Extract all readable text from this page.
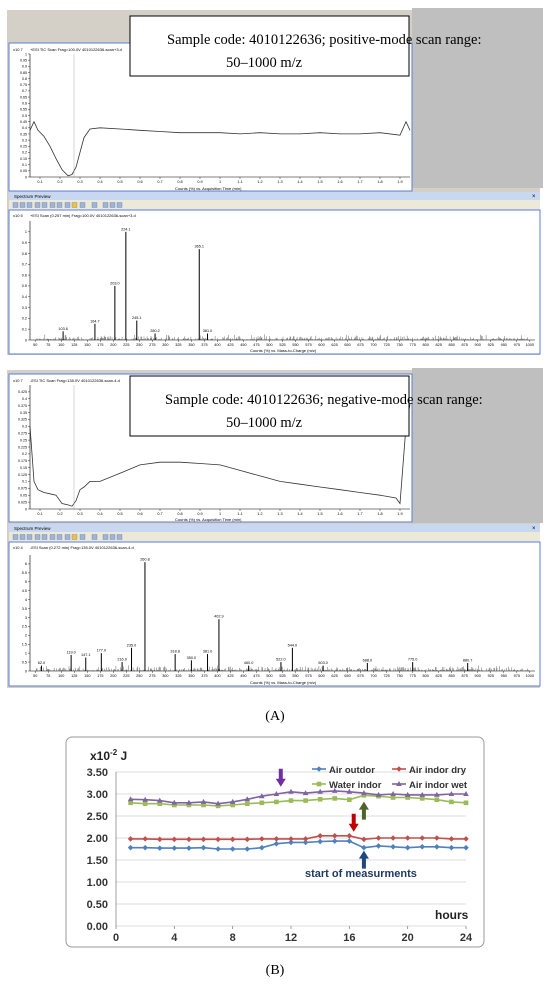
x10 7 +ESI TIC Scan Frag=100.0V 4010122636-scan+3.d
0
0.05
0.1
0.15
0.2
0.25
0.3
0.35
0.4
0.45
0.5
0.55
0.6
0.65
0.7
0.75
0.8
0.85
0.9
0.95
1
0.1	0.2	0.3	0.4	0.5	0.6	0.7	0.8	0.9	1	1.1	1.2	1.3	1.4	1.5	1.6	1.7	1.8	1.9
Counts (%) vs. Acquisition Time (min)
Spectrum Preview	×
x10 5 +ESI Scan (0.257 min) Frag=100.0V 4010122636-scan+3.d
0
0.1
0.2
0.3
0.4
0.5
0.6
0.7
0.8
0.9
1
50 75 100 125 150 175 200 225 250 275 300 325 350 375 400 425 450 475 500 525 550 575 600 625 650 675 700 725 750 775 800 825 850 875 900 925 950 975 1000
103.6
164.7
203.0
224.1
245.1
280.2
365.1
381.0
Counts (%) vs. Mass-to-Charge (m/z)
Sample code: 4010122636; positive-mode scan range:
50–1000 m/z
x10 7 -ESI TIC Scan Frag=135.0V 4010122636-scan-4.d
0
0.025
0.05
0.075
0.1
0.125
0.15
0.175
0.2
0.225
0.25
0.275
0.3
0.325
0.35
0.375
0.4
0.425
0.1	0.2	0.3	0.4	0.5	0.6	0.7	0.8	0.9	1	1.1	1.2	1.3	1.4	1.5	1.6	1.7	1.8	1.9
Counts (%) vs. Acquisition Time (min)
Spectrum Preview	×
x10 4 -ESI Scan (0.272 min) Frag=135.0V 4010122636-scan-4.d
0
0.5
1
1.5
2
2.5
3
3.5
4
4.5
5
5.5
6
50 75 100 125 150 175 200 225 250 275 300 325 350 375 400 425 450 475 500 525 550 575 600 625 650 675 700 725 750 775 800 825 850 875 900 925 950 975 1000
62.0
119.0
147.1
177.0
216.9
235.0
260.8
318.8
350.0
381.0
402.9
460.0
522.0
544.0
603.0
688.0	775.0	880.7
Counts (%) vs. Mass-to-Charge (m/z)
Sample code: 4010122636; negative-mode scan range:
50–1000 m/z
(A)
$x10^{-2}$ J
0.00
0.50
1.00
1.50
2.00
2.50
3.00
3.50
0	4	8	12	16	20	24
Air outdor	Air indor dry
Water indor	Air indor wet
hours
start of measurments
(B)
